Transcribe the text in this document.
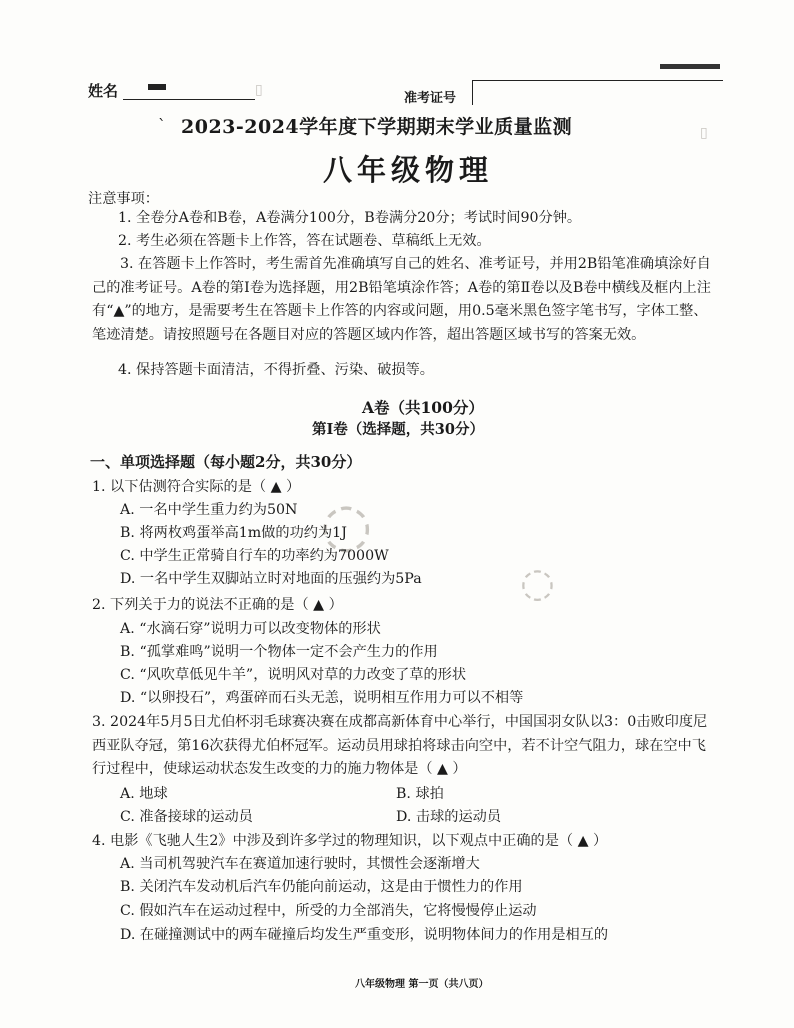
▯
▯
◌
◌
姓名	准考证号
ˋ 2023-2024学年度下学期期末学业质量监测
八年级物理
注意事项：
1. 全卷分A卷和B卷，A卷满分100分，B卷满分20分；考试时间90分钟。
2. 考生必须在答题卡上作答，答在试题卷、草稿纸上无效。
3. 在答题卡上作答时，考生需首先准确填写自己的姓名、准考证号，并用2B铅笔准确填涂好自己的准考证号。A卷的第Ⅰ卷为选择题，用2B铅笔填涂作答；A卷的第Ⅱ卷以及B卷中横线及框内上注有“▲”的地方，是需要考生在答题卡上作答的内容或问题，用0.5毫米黑色签字笔书写，字体工整、笔迹清楚。请按照题号在各题目对应的答题区域内作答，超出答题区域书写的答案无效。
4. 保持答题卡面清洁，不得折叠、污染、破损等。
A卷（共100分）
第Ⅰ卷（选择题，共30分）
一、单项选择题（每小题2分，共30分）
1. 以下估测符合实际的是（ ▲ ）
A. 一名中学生重力约为50N
B. 将两枚鸡蛋举高1m做的功约为1J
C. 中学生正常骑自行车的功率约为7000W
D. 一名中学生双脚站立时对地面的压强约为5Pa
2. 下列关于力的说法不正确的是（ ▲ ）
A. “水滴石穿”说明力可以改变物体的形状
B. “孤掌难鸣”说明一个物体一定不会产生力的作用
C. “风吹草低见牛羊”，说明风对草的力改变了草的形状
D. “以卵投石”，鸡蛋碎而石头无恙，说明相互作用力可以不相等
3. 2024年5月5日尤伯杯羽毛球赛决赛在成都高新体育中心举行，中国国羽女队以3：0击败印度尼西亚队夺冠，第16次获得尤伯杯冠军。运动员用球拍将球击向空中，若不计空气阻力，球在空中飞行过程中，使球运动状态发生改变的力的施力物体是（ ▲ ）
A. 地球	B. 球拍
C. 准备接球的运动员	D. 击球的运动员
4. 电影《飞驰人生2》中涉及到许多学过的物理知识，以下观点中正确的是（ ▲ ）
A. 当司机驾驶汽车在赛道加速行驶时，其惯性会逐渐增大
B. 关闭汽车发动机后汽车仍能向前运动，这是由于惯性力的作用
C. 假如汽车在运动过程中，所受的力全部消失，它将慢慢停止运动
D. 在碰撞测试中的两车碰撞后均发生严重变形，说明物体间力的作用是相互的
八年级物理 第一页（共八页）
